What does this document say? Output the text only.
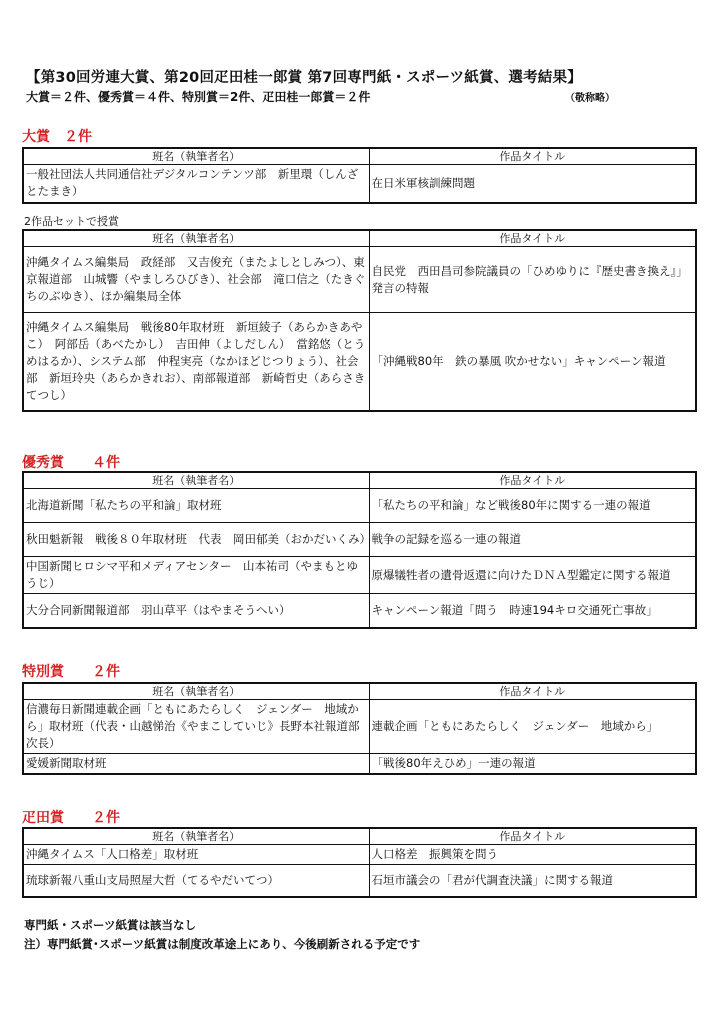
【第30回労連大賞、第20回疋田桂一郎賞 第7回専門紙・スポーツ紙賞、選考結果】
大賞＝２件、優秀賞＝４件、特別賞＝2件、疋田桂一郎賞＝２件	（敬称略）
大賞　２件
班名（執筆者名）	作品タイトル
一般社団法人共同通信社デジタルコンテンツ部　新里環（しんざとたまき）	在日米軍核訓練問題
2作品セットで授賞
班名（執筆者名）	作品タイトル
沖縄タイムス編集局　政経部　又吉俊充（またよしとしみつ）、東京報道部　山城響（やましろひびき）、社会部　滝口信之（たきぐちのぶゆき）、ほか編集局全体	自民党　西田昌司参院議員の「ひめゆりに『歴史書き換え』」発言の特報
沖縄タイムス編集局　戦後80年取材班　新垣綾子（あらかきあやこ）　阿部岳（あべたかし）　吉田伸（よしだしん）　當銘悠（とうめはるか）、システム部　仲程実亮（なかほどじつりょう）、社会部　新垣玲央（あらかきれお）、南部報道部　新崎哲史（あらさきてつし）	「沖縄戦80年　鉄の暴風 吹かせない」キャンペーン報道
優秀賞　　４件
班名（執筆者名）	作品タイトル
北海道新聞「私たちの平和論」取材班	「私たちの平和論」など戦後80年に関する一連の報道
秋田魁新報　戦後８０年取材班　代表　岡田郁美（おかだいくみ）	戦争の記録を巡る一連の報道
中国新聞ヒロシマ平和メディアセンター　山本祐司（やまもとゆうじ）	原爆犠牲者の遺骨返還に向けたＤＮＡ型鑑定に関する報道
大分合同新聞報道部　羽山草平（はやまそうへい）	キャンペーン報道「問う　時速194キロ交通死亡事故」
特別賞　　２件
班名（執筆者名）	作品タイトル
信濃毎日新聞連載企画「ともにあたらしく　ジェンダー　地域から」取材班（代表・山越悌治《やまこしていじ》長野本社報道部次長）	連載企画「ともにあたらしく　ジェンダー　地域から」
愛媛新聞取材班	「戦後80年えひめ」一連の報道
疋田賞　　２件
班名（執筆者名）	作品タイトル
沖縄タイムス「人口格差」取材班	人口格差　振興策を問う
琉球新報八重山支局照屋大哲（てるやだいてつ）	石垣市議会の「君が代調査決議」に関する報道
専門紙・スポーツ紙賞は該当なし
注）専門紙賞･スポーツ紙賞は制度改革途上にあり、今後刷新される予定です
